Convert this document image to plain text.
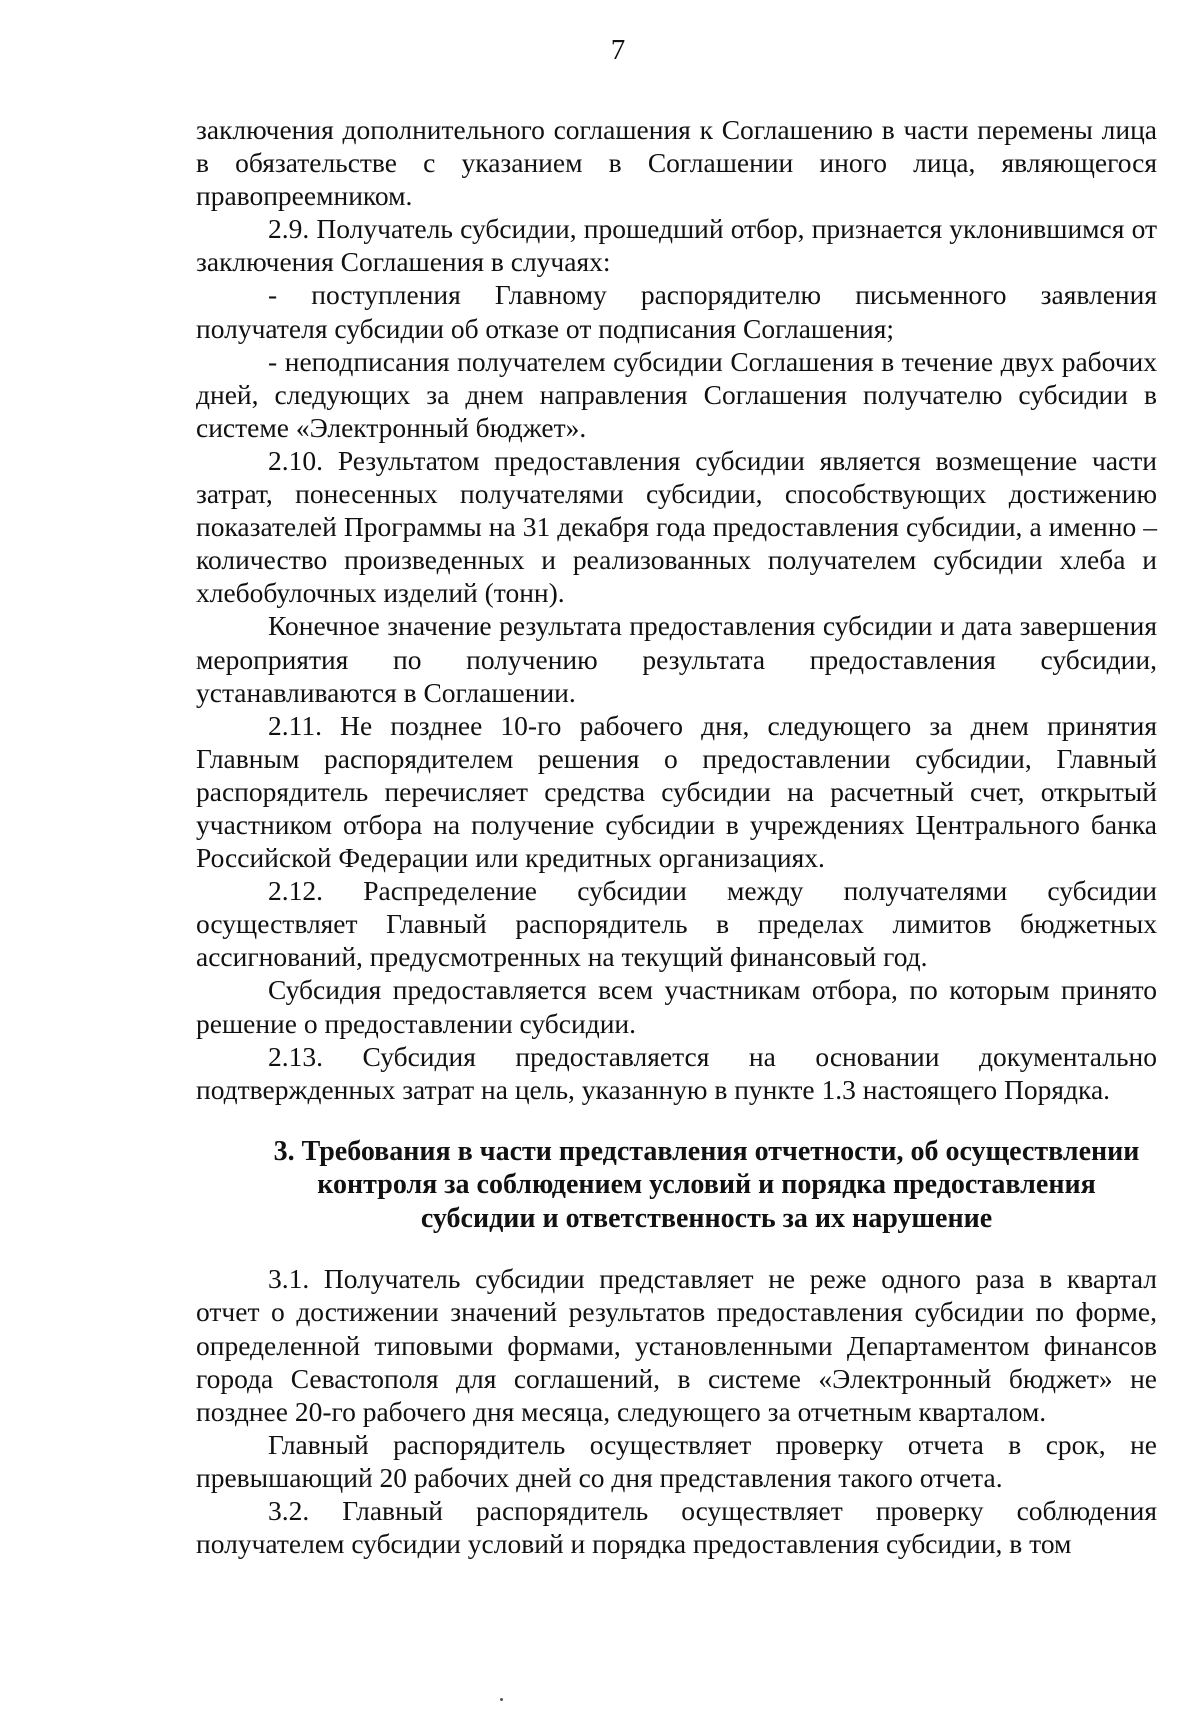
7

заключения дополнительного соглашения к Соглашению в части перемены лица в обязательстве с указанием в Соглашении иного лица, являющегося правопреемником.

2.9. Получатель субсидии, прошедший отбор, признается уклонившимся от заключения Соглашения в случаях:

- поступления Главному распорядителю письменного заявления получателя субсидии об отказе от подписания Соглашения;

- неподписания получателем субсидии Соглашения в течение двух рабочих дней, следующих за днем направления Соглашения получателю субсидии в системе «Электронный бюджет».

2.10. Результатом предоставления субсидии является возмещение части затрат, понесенных получателями субсидии, способствующих достижению показателей Программы на 31 декабря года предоставления субсидии, а именно – количество произведенных и реализованных получателем субсидии хлеба и хлебобулочных изделий (тонн).

Конечное значение результата предоставления субсидии и дата завершения мероприятия по получению результата предоставления субсидии, устанавливаются в Соглашении.

2.11. Не позднее 10-го рабочего дня, следующего за днем принятия Главным распорядителем решения о предоставлении субсидии, Главный распорядитель перечисляет средства субсидии на расчетный счет, открытый участником отбора на получение субсидии в учреждениях Центрального банка Российской Федерации или кредитных организациях.

2.12. Распределение субсидии между получателями субсидии осуществляет Главный распорядитель в пределах лимитов бюджетных ассигнований, предусмотренных на текущий финансовый год.

Субсидия предоставляется всем участникам отбора, по которым принято решение о предоставлении субсидии.

2.13. Субсидия предоставляется на основании документально подтвержденных затрат на цель, указанную в пункте 1.3 настоящего Порядка.

3. Требования в части представления отчетности, об осуществлении
контроля за соблюдением условий и порядка предоставления
субсидии и ответственность за их нарушение

3.1. Получатель субсидии представляет не реже одного раза в квартал отчет о достижении значений результатов предоставления субсидии по форме, определенной типовыми формами, установленными Департаментом финансов города Севастополя для соглашений, в системе «Электронный бюджет» не позднее 20-го рабочего дня месяца, следующего за отчетным кварталом.

Главный распорядитель осуществляет проверку отчета в срок, не превышающий 20 рабочих дней со дня представления такого отчета.

3.2. Главный распорядитель осуществляет проверку соблюдения получателем субсидии условий и порядка предоставления субсидии, в том
